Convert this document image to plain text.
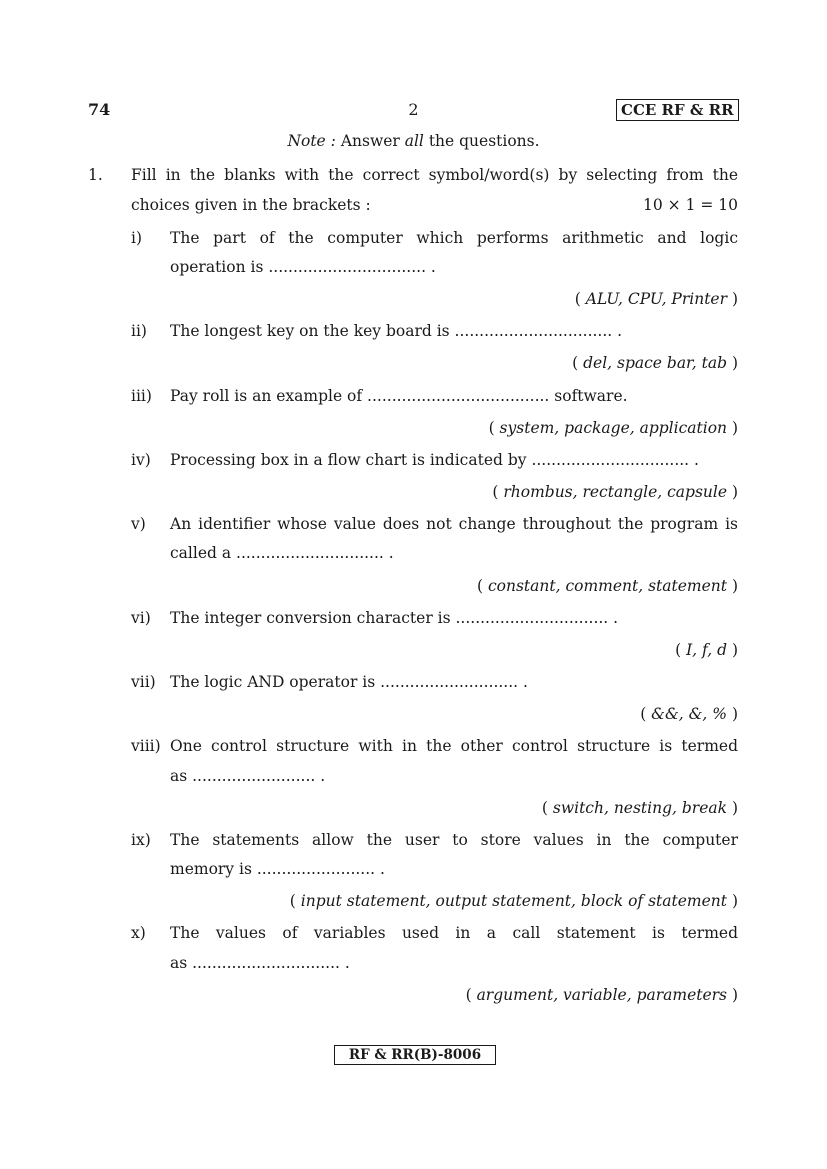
74	2	CCE RF & RR
Note : Answer all the questions.
1. Fill in the blanks with the correct symbol/word(s) by selecting from the
choices given in the brackets :	10 × 1 = 10
i) The part of the computer which performs arithmetic and logic
operation is ................................ .
( ALU, CPU, Printer )
ii) The longest key on the key board is ................................ .
( del, space bar, tab )
iii) Pay roll is an example of ..................................... software.
( system, package, application )
iv) Processing box in a flow chart is indicated by ................................ .
( rhombus, rectangle, capsule )
v) An identifier whose value does not change throughout the program is
called a .............................. .
( constant, comment, statement )
vi) The integer conversion character is ............................... .
( I, f, d )
vii) The logic AND operator is ............................ .
( &&, &, % )
viii) One control structure with in the other control structure is termed
as ......................... .
( switch, nesting, break )
ix) The statements allow the user to store values in the computer
memory is ........................ .
( input statement, output statement, block of statement )
x) The values of variables used in a call statement is termed
as .............................. .
( argument, variable, parameters )
RF & RR(B)-8006
